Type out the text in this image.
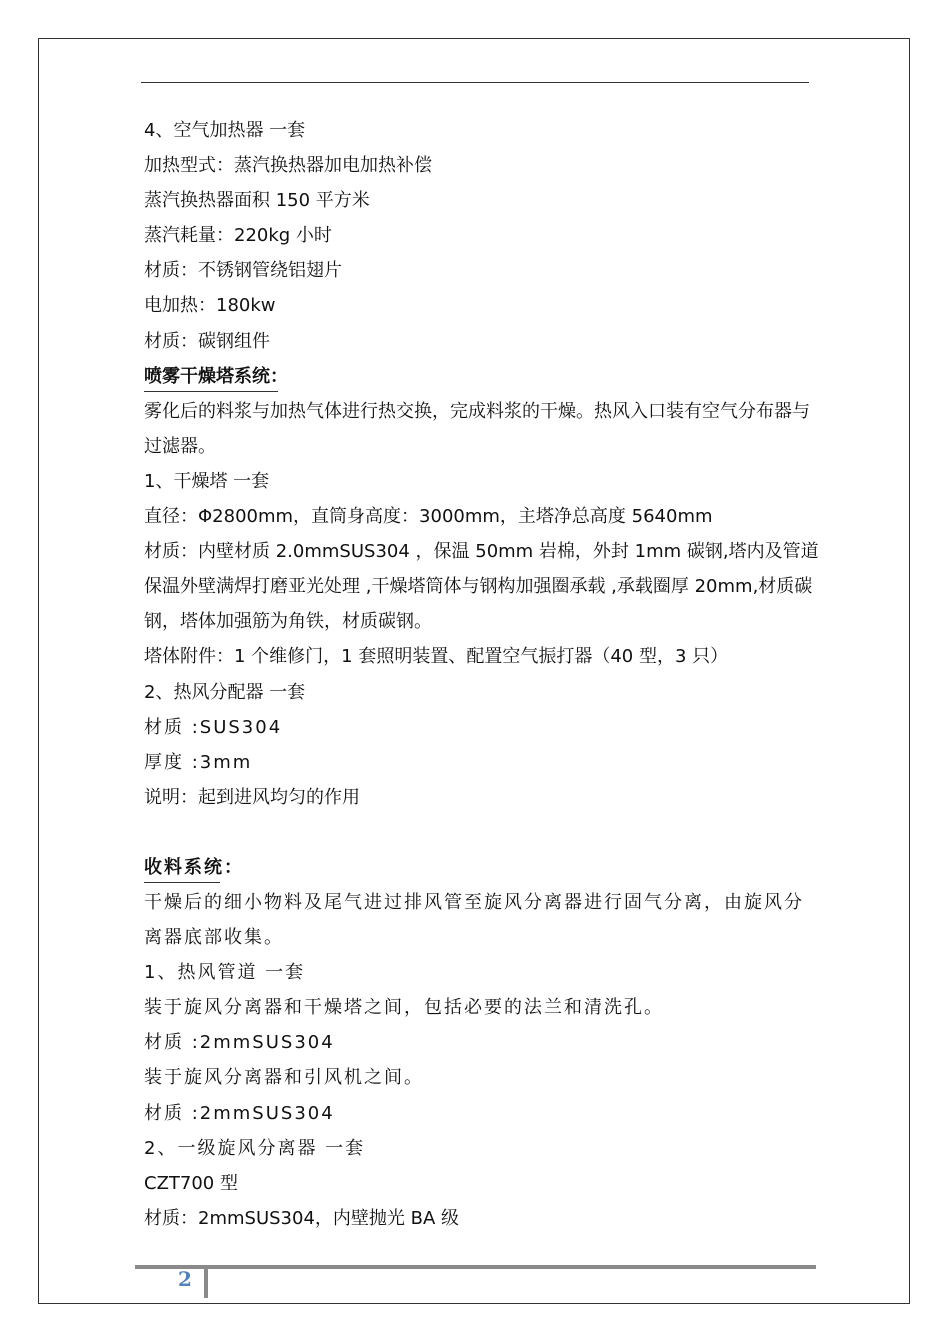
4、空气加热器 一套
加热型式：蒸汽换热器加电加热补偿
蒸汽换热器面积 150 平方米
蒸汽耗量：220kg 小时
材质：不锈钢管绕铝翅片
电加热：180kw
材质：碳钢组件
喷雾干燥塔系统：
雾化后的料浆与加热气体进行热交换，完成料浆的干燥。热风入口装有空气分布器与过滤器。
1、干燥塔 一套
直径：Φ2800mm，直筒身高度：3000mm，主塔净总高度 5640mm
材质：内壁材质 2.0mmSUS304 ，保温 50mm 岩棉，外封 1mm 碳钢,塔内及管道保温外壁满焊打磨亚光处理 ,干燥塔筒体与钢构加强圈承载 ,承载圈厚 20mm,材质碳钢，塔体加强筋为角铁，材质碳钢。
塔体附件：1 个维修门，1 套照明装置、配置空气振打器（40 型，3 只）
2、热风分配器 一套
材质 :SUS304
厚度 :3mm
说明：起到进风均匀的作用
收料系统：
干燥后的细小物料及尾气进过排风管至旋风分离器进行固气分离，由旋风分离器底部收集。
1、热风管道 一套
装于旋风分离器和干燥塔之间，包括必要的法兰和清洗孔。
材质 :2mmSUS304
装于旋风分离器和引风机之间。
材质 :2mmSUS304
2、一级旋风分离器 一套
CZT700 型
材质：2mmSUS304，内壁抛光 BA 级
2
